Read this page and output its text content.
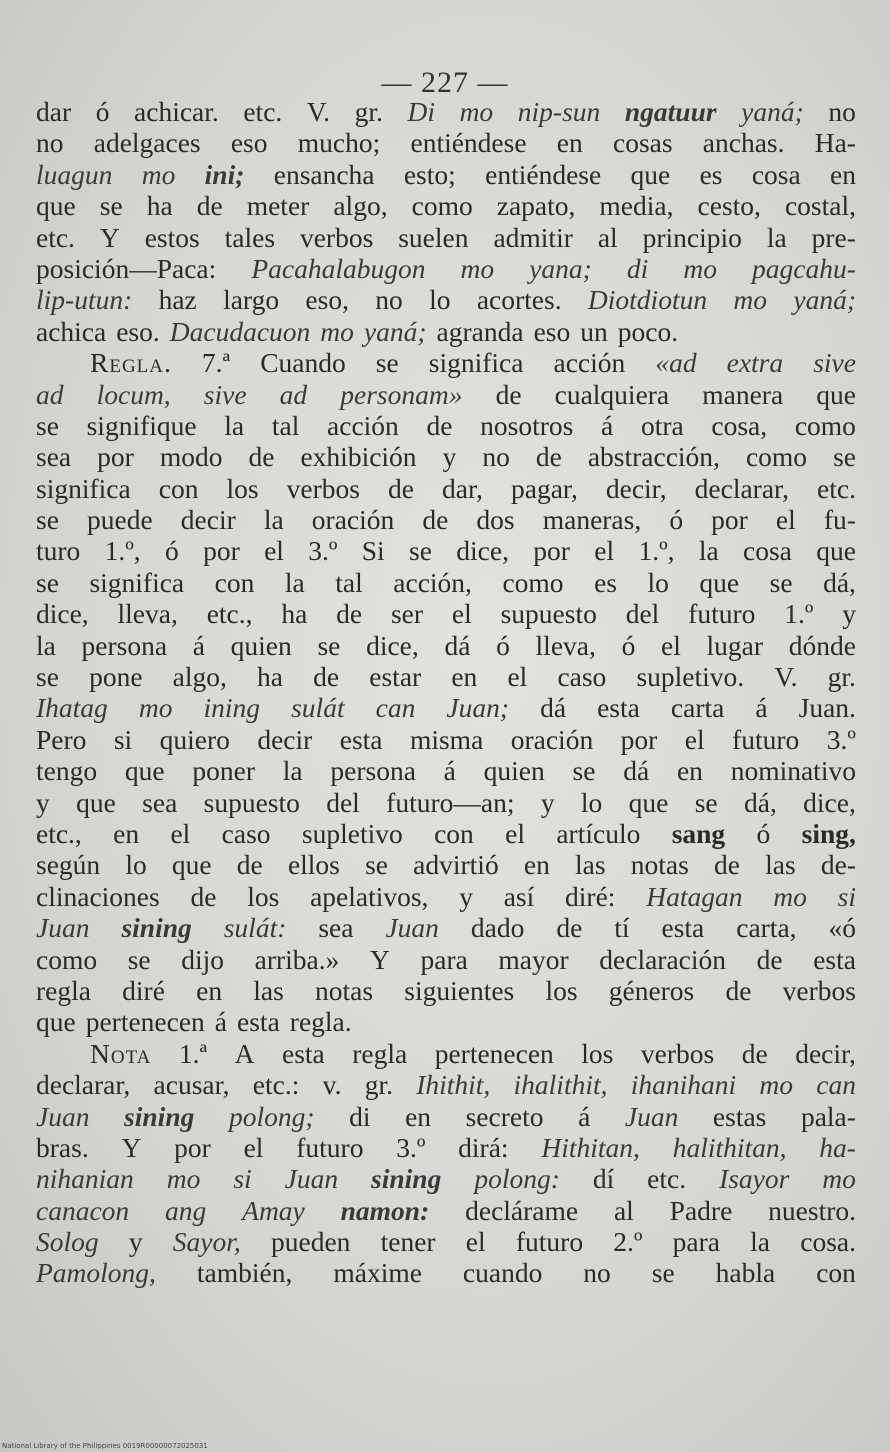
— 227 —
dar ó achicar. etc. V. gr. Di mo nip-sun ngatuur yaná; no
no adelgaces eso mucho; entiéndese en cosas anchas. Ha-
luagun mo ini; ensancha esto; entiéndese que es cosa en
que se ha de meter algo, como zapato, media, cesto, costal,
etc. Y estos tales verbos suelen admitir al principio la pre-
posición—Paca: Pacahalabugon mo yana; di mo pagcahu-
lip-utun: haz largo eso, no lo acortes. Diotdiotun mo yaná;
achica eso. Dacudacuon mo yaná; agranda eso un poco.
Regla. 7.ª Cuando se significa acción «ad extra sive
ad locum, sive ad personam» de cualquiera manera que
se signifique la tal acción de nosotros á otra cosa, como
sea por modo de exhibición y no de abstracción, como se
significa con los verbos de dar, pagar, decir, declarar, etc.
se puede decir la oración de dos maneras, ó por el fu-
turo 1.º, ó por el 3.º Si se dice, por el 1.º, la cosa que
se significa con la tal acción, como es lo que se dá,
dice, lleva, etc., ha de ser el supuesto del futuro 1.º y
la persona á quien se dice, dá ó lleva, ó el lugar dónde
se pone algo, ha de estar en el caso supletivo. V. gr.
Ihatag mo ining sulát can Juan; dá esta carta á Juan.
Pero si quiero decir esta misma oración por el futuro 3.º
tengo que poner la persona á quien se dá en nominativo
y que sea supuesto del futuro—an; y lo que se dá, dice,
etc., en el caso supletivo con el artículo sang ó sing,
según lo que de ellos se advirtió en las notas de las de-
clinaciones de los apelativos, y así diré: Hatagan mo si
Juan sining sulát: sea Juan dado de tí esta carta, «ó
como se dijo arriba.» Y para mayor declaración de esta
regla diré en las notas siguientes los géneros de verbos
que pertenecen á esta regla.
Nota 1.ª A esta regla pertenecen los verbos de decir,
declarar, acusar, etc.: v. gr. Ihithit, ihalithit, ihanihani mo can
Juan sining polong; di en secreto á Juan estas pala-
bras. Y por el futuro 3.º dirá: Hithitan, halithitan, ha-
nihanian mo si Juan sining polong: dí etc. Isayor mo
canacon ang Amay namon: declárame al Padre nuestro.
Solog y Sayor, pueden tener el futuro 2.º para la cosa.
Pamolong, también, máxime cuando no se habla con
National Library of the Philippines 0019R00000072025031
